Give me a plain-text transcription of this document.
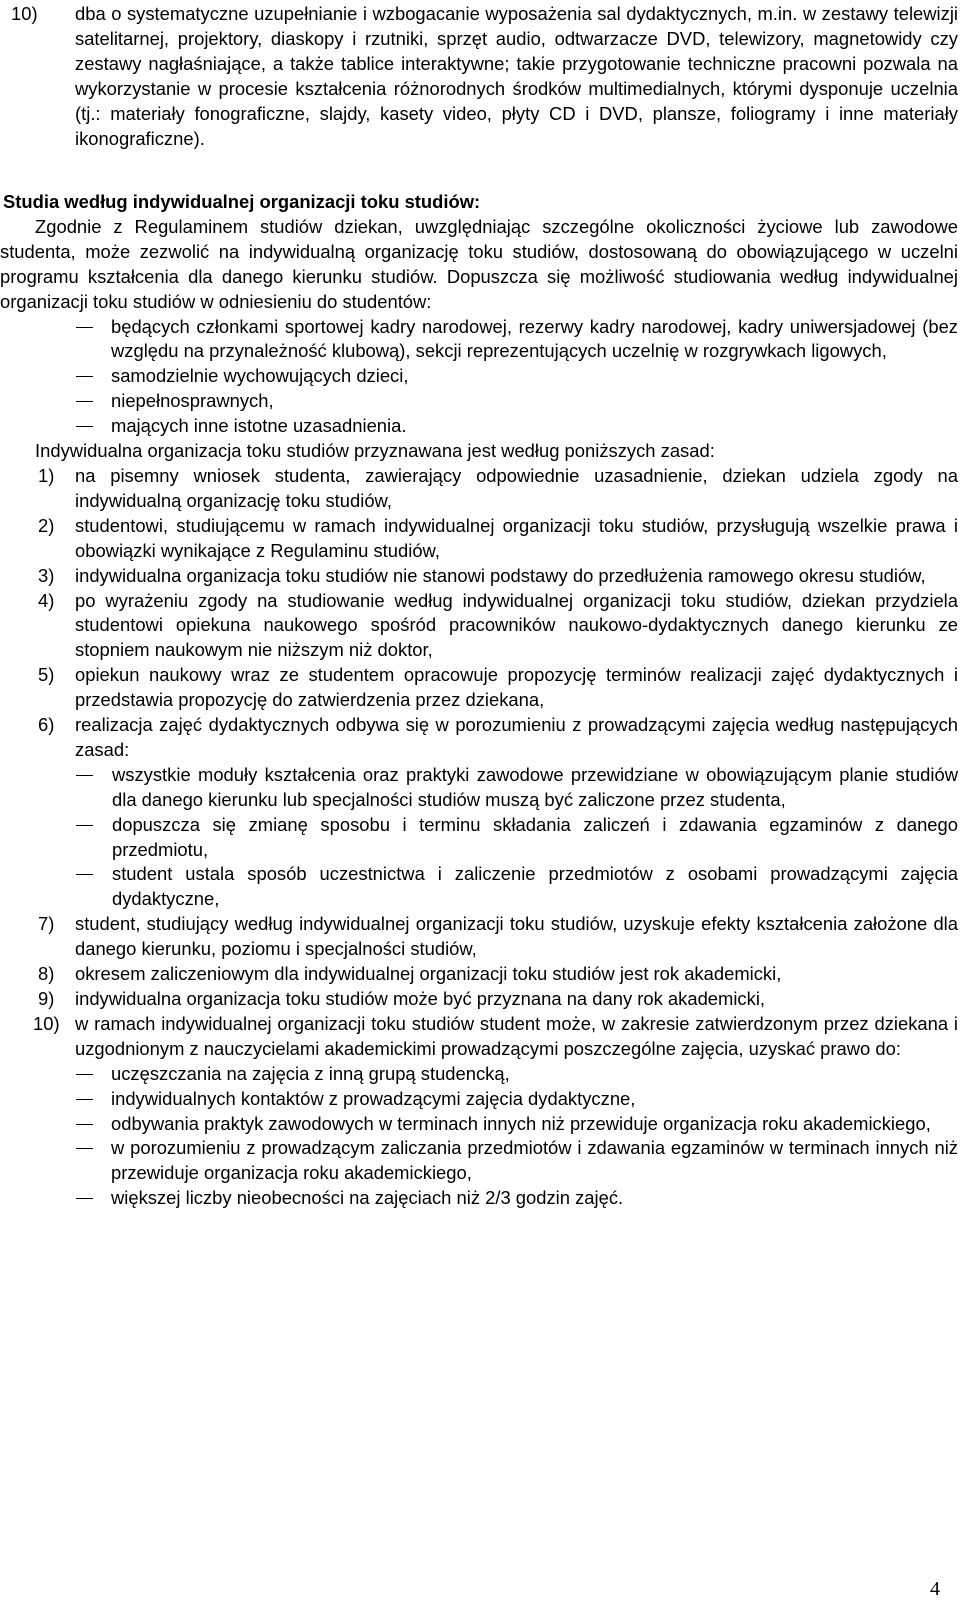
10) dba o systematyczne uzupełnianie i wzbogacanie wyposażenia sal dydaktycznych, m.in. w zestawy telewizji satelitarnej, projektory, diaskopy i rzutniki, sprzęt audio, odtwarzacze DVD, telewizory, magnetowidy czy zestawy nagłaśniające, a także tablice interaktywne; takie przygotowanie techniczne pracowni pozwala na wykorzystanie w procesie kształcenia różnorodnych środków multimedialnych, którymi dysponuje uczelnia (tj.: materiały fonograficzne, slajdy, kasety video, płyty CD i DVD, plansze, foliogramy i inne materiały ikonograficzne).
Studia według indywidualnej organizacji toku studiów:
Zgodnie z Regulaminem studiów dziekan, uwzględniając szczególne okoliczności życiowe lub zawodowe studenta, może zezwolić na indywidualną organizację toku studiów, dostosowaną do obowiązującego w uczelni programu kształcenia dla danego kierunku studiów. Dopuszcza się możliwość studiowania według indywidualnej organizacji toku studiów w odniesieniu do studentów:
będących członkami sportowej kadry narodowej, rezerwy kadry narodowej, kadry uniwersjadowej (bez względu na przynależność klubową), sekcji reprezentujących uczelnię w rozgrywkach ligowych,
samodzielnie wychowujących dzieci,
niepełnosprawnych,
mających inne istotne uzasadnienia.
Indywidualna organizacja toku studiów przyznawana jest według poniższych zasad:
1) na pisemny wniosek studenta, zawierający odpowiednie uzasadnienie, dziekan udziela zgody na indywidualną organizację toku studiów,
2) studentowi, studiującemu w ramach indywidualnej organizacji toku studiów, przysługują wszelkie prawa i obowiązki wynikające z Regulaminu studiów,
3) indywidualna organizacja toku studiów nie stanowi podstawy do przedłużenia ramowego okresu studiów,
4) po wyrażeniu zgody na studiowanie według indywidualnej organizacji toku studiów, dziekan przydziela studentowi opiekuna naukowego spośród pracowników naukowo-dydaktycznych danego kierunku ze stopniem naukowym nie niższym niż doktor,
5) opiekun naukowy wraz ze studentem opracowuje propozycję terminów realizacji zajęć dydaktycznych i przedstawia propozycję do zatwierdzenia przez dziekana,
6) realizacja zajęć dydaktycznych odbywa się w porozumieniu z prowadzącymi zajęcia według następujących zasad:
wszystkie moduły kształcenia oraz praktyki zawodowe przewidziane w obowiązującym planie studiów dla danego kierunku lub specjalności studiów muszą być zaliczone przez studenta,
dopuszcza się zmianę sposobu i terminu składania zaliczeń i zdawania egzaminów z danego przedmiotu,
student ustala sposób uczestnictwa i zaliczenie przedmiotów z osobami prowadzącymi zajęcia dydaktyczne,
7) student, studiujący według indywidualnej organizacji toku studiów, uzyskuje efekty kształcenia założone dla danego kierunku, poziomu i specjalności studiów,
8) okresem zaliczeniowym dla indywidualnej organizacji toku studiów jest rok akademicki,
9) indywidualna organizacja toku studiów może być przyznana na dany rok akademicki,
10) w ramach indywidualnej organizacji toku studiów student może, w zakresie zatwierdzonym przez dziekana i uzgodnionym z nauczycielami akademickimi prowadzącymi poszczególne zajęcia, uzyskać prawo do:
uczęszczania na zajęcia z inną grupą studencką,
indywidualnych kontaktów z prowadzącymi zajęcia dydaktyczne,
odbywania praktyk zawodowych w terminach innych niż przewiduje organizacja roku akademickiego,
w porozumieniu z prowadzącym zaliczania przedmiotów i zdawania egzaminów w terminach innych niż przewiduje organizacja roku akademickiego,
większej liczby nieobecności na zajęciach niż 2/3 godzin zajęć.
4
